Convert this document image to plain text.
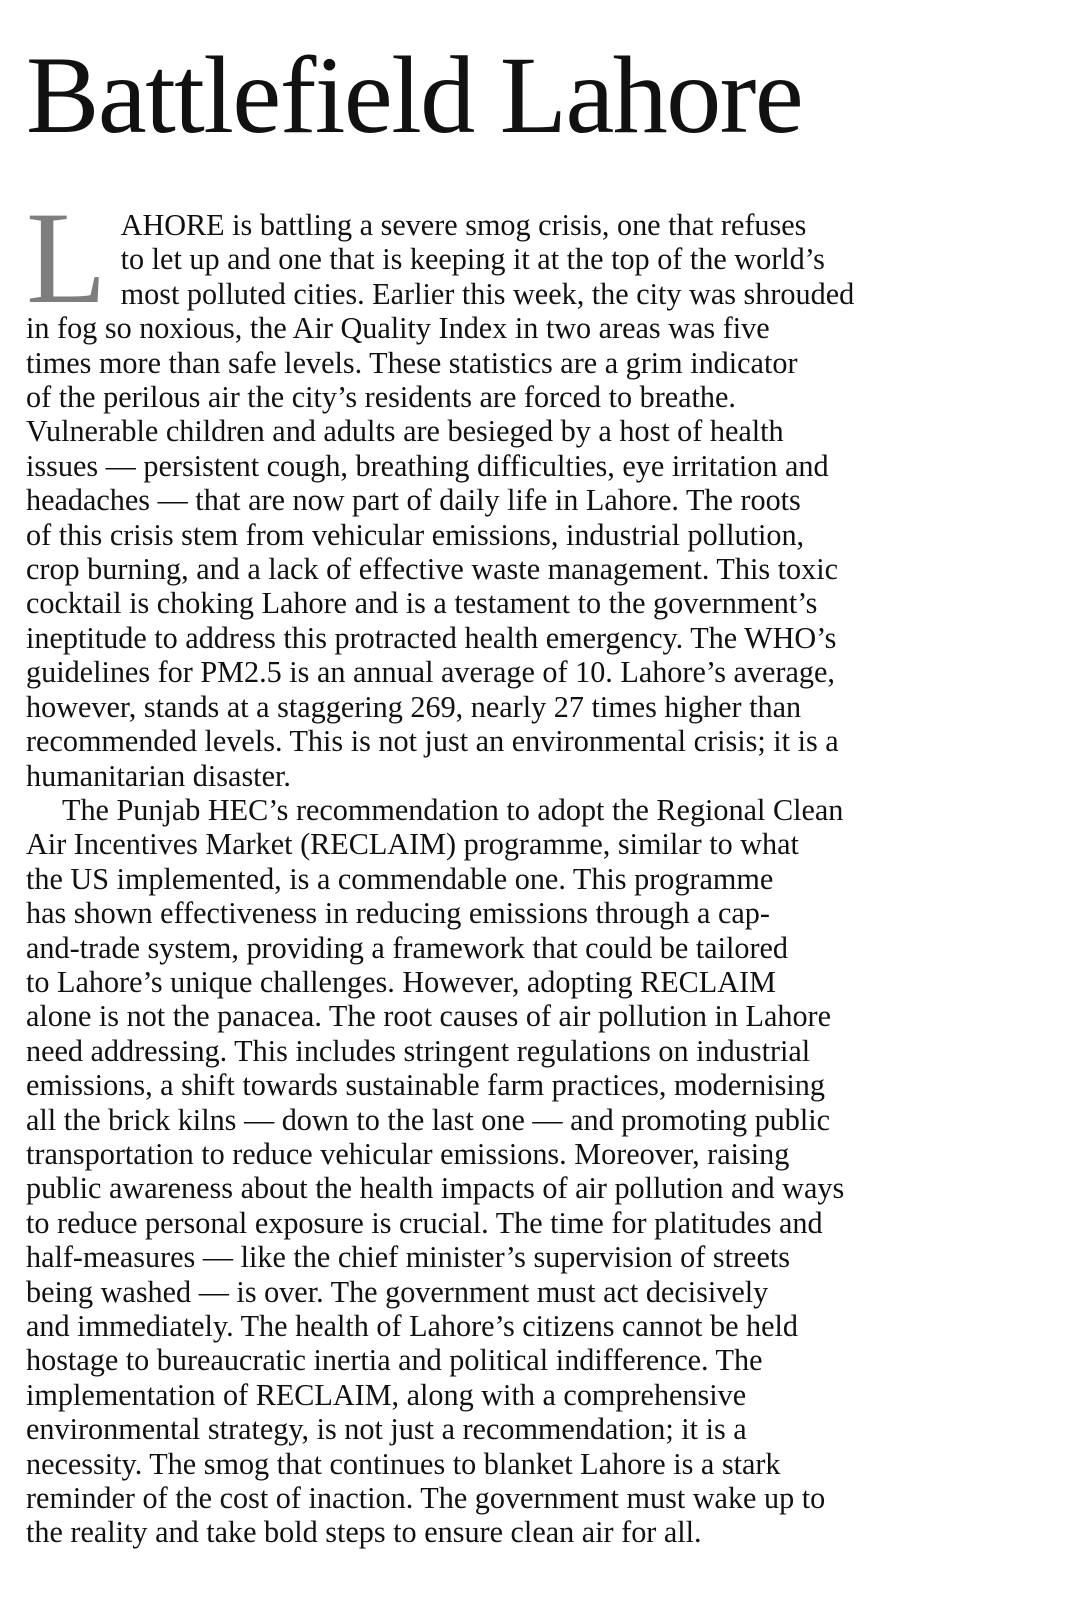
Battlefield Lahore
L AHORE is battling a severe smog crisis, one that refuses
to let up and one that is keeping it at the top of the world’s
most polluted cities. Earlier this week, the city was shrouded
in fog so noxious, the Air Quality Index in two areas was five
times more than safe levels. These statistics are a grim indicator
of the perilous air the city’s residents are forced to breathe.
Vulnerable children and adults are besieged by a host of health
issues — persistent cough, breathing difficulties, eye irritation and
headaches — that are now part of daily life in Lahore. The roots
of this crisis stem from vehicular emissions, industrial pollution,
crop burning, and a lack of effective waste management. This toxic
cocktail is choking Lahore and is a testament to the government’s
ineptitude to address this protracted health emergency. The WHO’s
guidelines for PM2.5 is an annual average of 10. Lahore’s average,
however, stands at a staggering 269, nearly 27 times higher than
recommended levels. This is not just an environmental crisis; it is a
humanitarian disaster.
The Punjab HEC’s recommendation to adopt the Regional Clean
Air Incentives Market (RECLAIM) programme, similar to what
the US implemented, is a commendable one. This programme
has shown effectiveness in reducing emissions through a cap-
and-trade system, providing a framework that could be tailored
to Lahore’s unique challenges. However, adopting RECLAIM
alone is not the panacea. The root causes of air pollution in Lahore
need addressing. This includes stringent regulations on industrial
emissions, a shift towards sustainable farm practices, modernising
all the brick kilns — down to the last one — and promoting public
transportation to reduce vehicular emissions. Moreover, raising
public awareness about the health impacts of air pollution and ways
to reduce personal exposure is crucial. The time for platitudes and
half-measures — like the chief minister’s supervision of streets
being washed — is over. The government must act decisively
and immediately. The health of Lahore’s citizens cannot be held
hostage to bureaucratic inertia and political indifference. The
implementation of RECLAIM, along with a comprehensive
environmental strategy, is not just a recommendation; it is a
necessity. The smog that continues to blanket Lahore is a stark
reminder of the cost of inaction. The government must wake up to
the reality and take bold steps to ensure clean air for all.
